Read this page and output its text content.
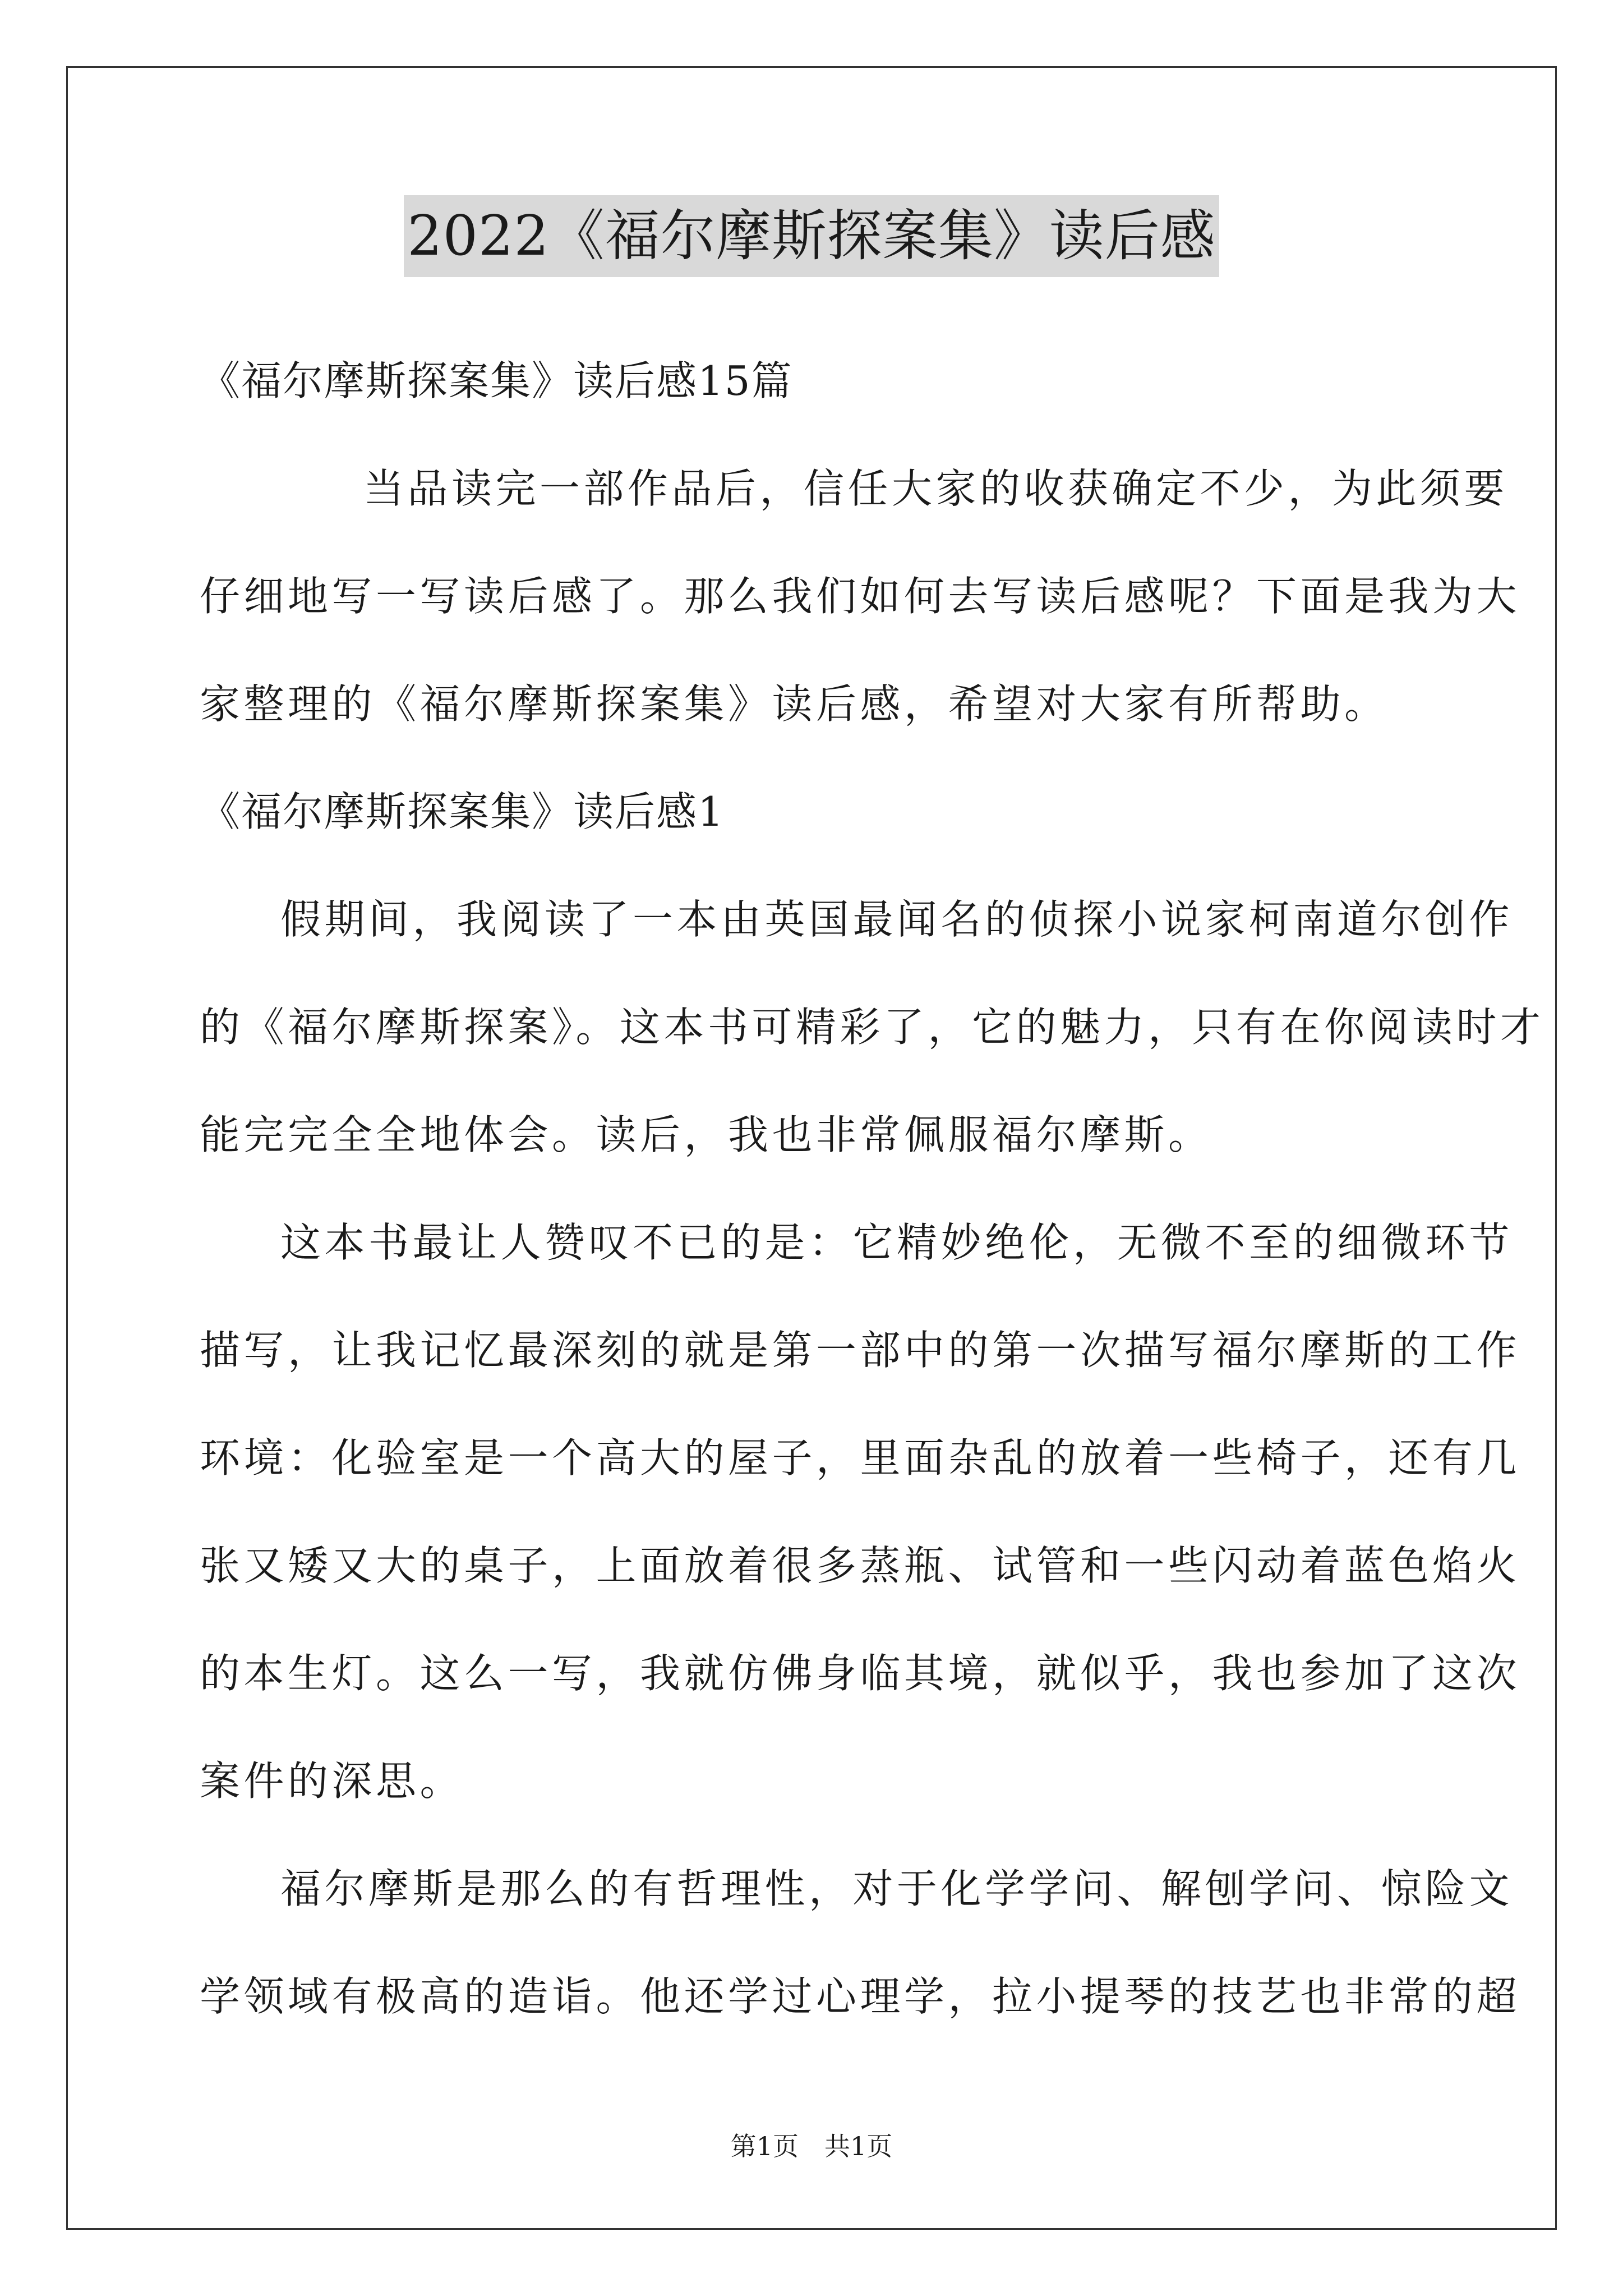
2022《福尔摩斯探案集》读后感
《福尔摩斯探案集》读后感15篇
当品读完一部作品后，信任大家的收获确定不少，为此须要
仔细地写一写读后感了。那么我们如何去写读后感呢？下面是我为大
家整理的《福尔摩斯探案集》读后感，希望对大家有所帮助。
《福尔摩斯探案集》读后感1
假期间，我阅读了一本由英国最闻名的侦探小说家柯南道尔创作
的《福尔摩斯探案》。这本书可精彩了，它的魅力，只有在你阅读时才
能完完全全地体会。读后，我也非常佩服福尔摩斯。
这本书最让人赞叹不已的是：它精妙绝伦，无微不至的细微环节
描写，让我记忆最深刻的就是第一部中的第一次描写福尔摩斯的工作
环境：化验室是一个高大的屋子，里面杂乱的放着一些椅子，还有几
张又矮又大的桌子，上面放着很多蒸瓶、试管和一些闪动着蓝色焰火
的本生灯。这么一写，我就仿佛身临其境，就似乎，我也参加了这次
案件的深思。
福尔摩斯是那么的有哲理性，对于化学学问、解刨学问、惊险文
学领域有极高的造诣。他还学过心理学，拉小提琴的技艺也非常的超
第1页　共1页
